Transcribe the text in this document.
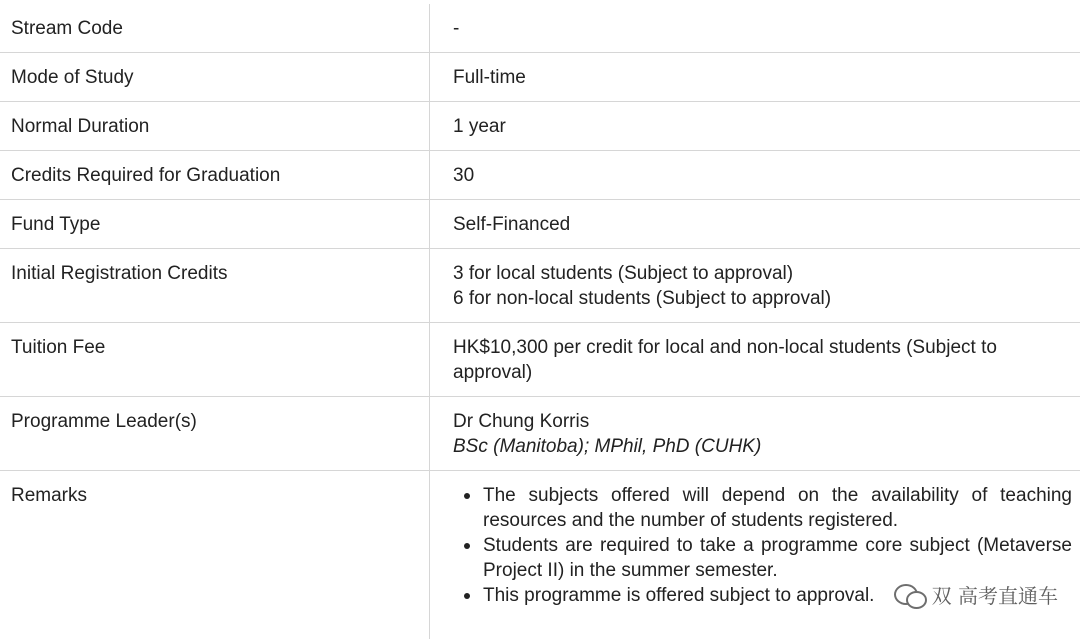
Stream Code	-
Mode of Study	Full-time
Normal Duration	1 year
Credits Required for Graduation	30
Fund Type	Self-Financed
Initial Registration Credits	3 for local students (Subject to approval)
6 for non-local students (Subject to approval)
Tuition Fee	HK$10,300 per credit for local and non-local students (Subject to
approval)
Programme Leader(s)	Dr Chung Korris
BSc (Manitoba); MPhil, PhD (CUHK)
Remarks	The subjects offered will depend on the availability of teaching
resources and the number of students registered.
Students are required to take a programme core subject (Metaverse
Project II) in the summer semester.
This programme is offered subject to approval.	双 高考直通车
